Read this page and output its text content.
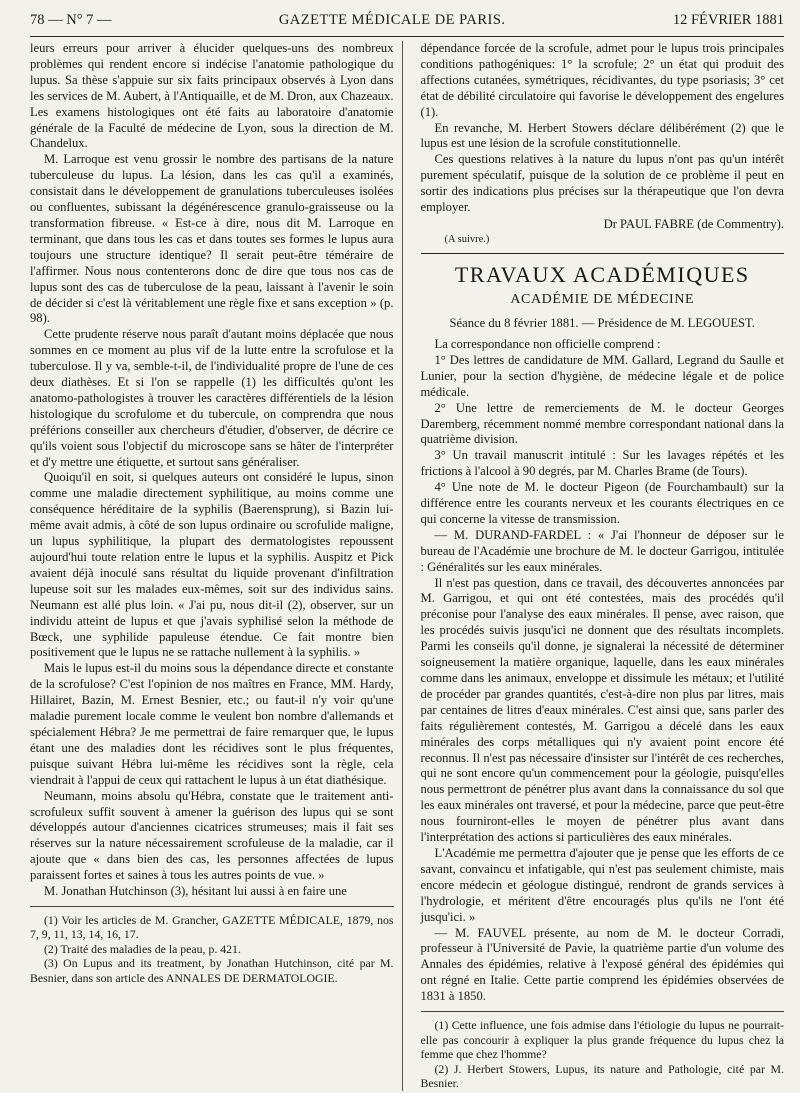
78 — N° 7 —	GAZETTE MÉDICALE DE PARIS.	12 FÉVRIER 1881

leurs erreurs pour arriver à élucider quelques-uns des nombreux problèmes qui rendent encore si indécise l'anatomie pathologique du lupus. Sa thèse s'appuie sur six faits principaux observés à Lyon dans les services de M. Aubert, à l'Antiquaille, et de M. Dron, aux Chazeaux. Les examens histologiques ont été faits au laboratoire d'anatomie générale de la Faculté de médecine de Lyon, sous la direction de M. Chandelux.

M. Larroque est venu grossir le nombre des partisans de la nature tuberculeuse du lupus. La lésion, dans les cas qu'il a examinés, consistait dans le développement de granulations tuberculeuses isolées ou confluentes, subissant la dégénérescence granulo-graisseuse ou la transformation fibreuse. « Est-ce à dire, nous dit M. Larroque en terminant, que dans tous les cas et dans toutes ses formes le lupus aura toujours une structure identique? Il serait peut-être téméraire de l'affirmer. Nous nous contenterons donc de dire que tous nos cas de lupus sont des cas de tuberculose de la peau, laissant à l'avenir le soin de décider si c'est là véritablement une règle fixe et sans exception » (p. 98).

Cette prudente réserve nous paraît d'autant moins déplacée que nous sommes en ce moment au plus vif de la lutte entre la scrofulose et la tuberculose. Il y va, semble-t-il, de l'individualité propre de l'une de ces deux diathèses. Et si l'on se rappelle (1) les difficultés qu'ont les anatomo-pathologistes à trouver les caractères différentiels de la lésion histologique du scrofulome et du tubercule, on comprendra que nous préférions conseiller aux chercheurs d'étudier, d'observer, de décrire ce qu'ils voient sous l'objectif du microscope sans se hâter de l'interpréter et d'y mettre une étiquette, et surtout sans généraliser.

Quoiqu'il en soit, si quelques auteurs ont considéré le lupus, sinon comme une maladie directement syphilitique, au moins comme une conséquence héréditaire de la syphilis (Baerensprung), si Bazin lui-même avait admis, à côté de son lupus ordinaire ou scrofulide maligne, un lupus syphilitique, la plupart des dermatologistes repoussent aujourd'hui toute relation entre le lupus et la syphilis. Auspitz et Pick avaient déjà inoculé sans résultat du liquide provenant d'infiltration lupeuse soit sur les malades eux-mêmes, soit sur des individus sains. Neumann est allé plus loin. « J'ai pu, nous dit-il (2), observer, sur un individu atteint de lupus et que j'avais syphilisé selon la méthode de Bœck, une syphilide papuleuse étendue. Ce fait montre bien positivement que le lupus ne se rattache nullement à la syphilis. »

Mais le lupus est-il du moins sous la dépendance directe et constante de la scrofulose? C'est l'opinion de nos maîtres en France, MM. Hardy, Hillairet, Bazin, M. Ernest Besnier, etc.; ou faut-il n'y voir qu'une maladie purement locale comme le veulent bon nombre d'allemands et spécialement Hébra? Je me permettrai de faire remarquer que, le lupus étant une des maladies dont les récidives sont le plus fréquentes, puisque suivant Hébra lui-même les récidives sont la règle, cela viendrait à l'appui de ceux qui rattachent le lupus à un état diathésique.

Neumann, moins absolu qu'Hébra, constate que le traitement anti-scrofuleux suffit souvent à amener la guérison des lupus qui se sont développés autour d'anciennes cicatrices strumeuses; mais il fait ses réserves sur la nature nécessairement scrofuleuse de la maladie, car il ajoute que « dans bien des cas, les personnes affectées de lupus paraissent fortes et saines à tous les autres points de vue. »

M. Jonathan Hutchinson (3), hésitant lui aussi à en faire une

(1) Voir les articles de M. Grancher, GAZETTE MÉDICALE, 1879, nos 7, 9, 11, 13, 14, 16, 17.

(2) Traité des maladies de la peau, p. 421.

(3) On Lupus and its treatment, by Jonathan Hutchinson, cité par M. Besnier, dans son article des ANNALES DE DERMATOLOGIE.

dépendance forcée de la scrofule, admet pour le lupus trois principales conditions pathogéniques: 1° la scrofule; 2° un état qui produit des affections cutanées, symétriques, récidivantes, du type psoriasis; 3° cet état de débilité circulatoire qui favorise le développement des engelures (1).

En revanche, M. Herbert Stowers déclare délibérément (2) que le lupus est une lésion de la scrofule constitutionnelle.

Ces questions relatives à la nature du lupus n'ont pas qu'un intérêt purement spéculatif, puisque de la solution de ce problème il peut en sortir des indications plus précises sur la thérapeutique que l'on devra employer.

Dr PAUL FABRE (de Commentry).
(A suivre.)
TRAVAUX ACADÉMIQUES
ACADÉMIE DE MÉDECINE
Séance du 8 février 1881. — Présidence de M. LEGOUEST.

La correspondance non officielle comprend :

1° Des lettres de candidature de MM. Gallard, Legrand du Saulle et Lunier, pour la section d'hygiène, de médecine légale et de police médicale.

2° Une lettre de remerciements de M. le docteur Georges Daremberg, récemment nommé membre correspondant national dans la quatrième division.

3° Un travail manuscrit intitulé : Sur les lavages répétés et les frictions à l'alcool à 90 degrés, par M. Charles Brame (de Tours).

4° Une note de M. le docteur Pigeon (de Fourchambault) sur la différence entre les courants nerveux et les courants électriques en ce qui concerne la vitesse de transmission.

— M. DURAND-FARDEL : « J'ai l'honneur de déposer sur le bureau de l'Académie une brochure de M. le docteur Garrigou, intitulée : Généralités sur les eaux minérales.

Il n'est pas question, dans ce travail, des découvertes annoncées par M. Garrigou, et qui ont été contestées, mais des procédés qu'il préconise pour l'analyse des eaux minérales. Il pense, avec raison, que les procédés suivis jusqu'ici ne donnent que des résultats incomplets. Parmi les conseils qu'il donne, je signalerai la nécessité de déterminer soigneusement la matière organique, laquelle, dans les eaux minérales comme dans les animaux, enveloppe et dissimule les métaux; et l'utilité de procéder par grandes quantités, c'est-à-dire non plus par litres, mais par centaines de litres d'eaux minérales. C'est ainsi que, sans parler des faits régulièrement contestés, M. Garrigou a décelé dans les eaux minérales des corps métalliques qui n'y avaient point encore été reconnus. Il n'est pas nécessaire d'insister sur l'intérêt de ces recherches, qui ne sont encore qu'un commencement pour la géologie, puisqu'elles nous permettront de pénétrer plus avant dans la connaissance du sol que les eaux minérales ont traversé, et pour la médecine, parce que peut-être nous fourniront-elles le moyen de pénétrer plus avant dans l'interprétation des actions si particulières des eaux minérales.

L'Académie me permettra d'ajouter que je pense que les efforts de ce savant, convaincu et infatigable, qui n'est pas seulement chimiste, mais encore médecin et géologue distingué, rendront de grands services à l'hydrologie, et méritent d'être encouragés plus qu'ils ne l'ont été jusqu'ici. »

— M. FAUVEL présente, au nom de M. le docteur Corradi, professeur à l'Université de Pavie, la quatrième partie d'un volume des Annales des épidémies, relative à l'exposé général des épidémies qui ont régné en Italie. Cette partie comprend les épidémies observées de 1831 à 1850.

(1) Cette influence, une fois admise dans l'étiologie du lupus ne pourrait-elle pas concourir à expliquer la plus grande fréquence du lupus chez la femme que chez l'homme?

(2) J. Herbert Stowers, Lupus, its nature and Pathologie, cité par M. Besnier.
